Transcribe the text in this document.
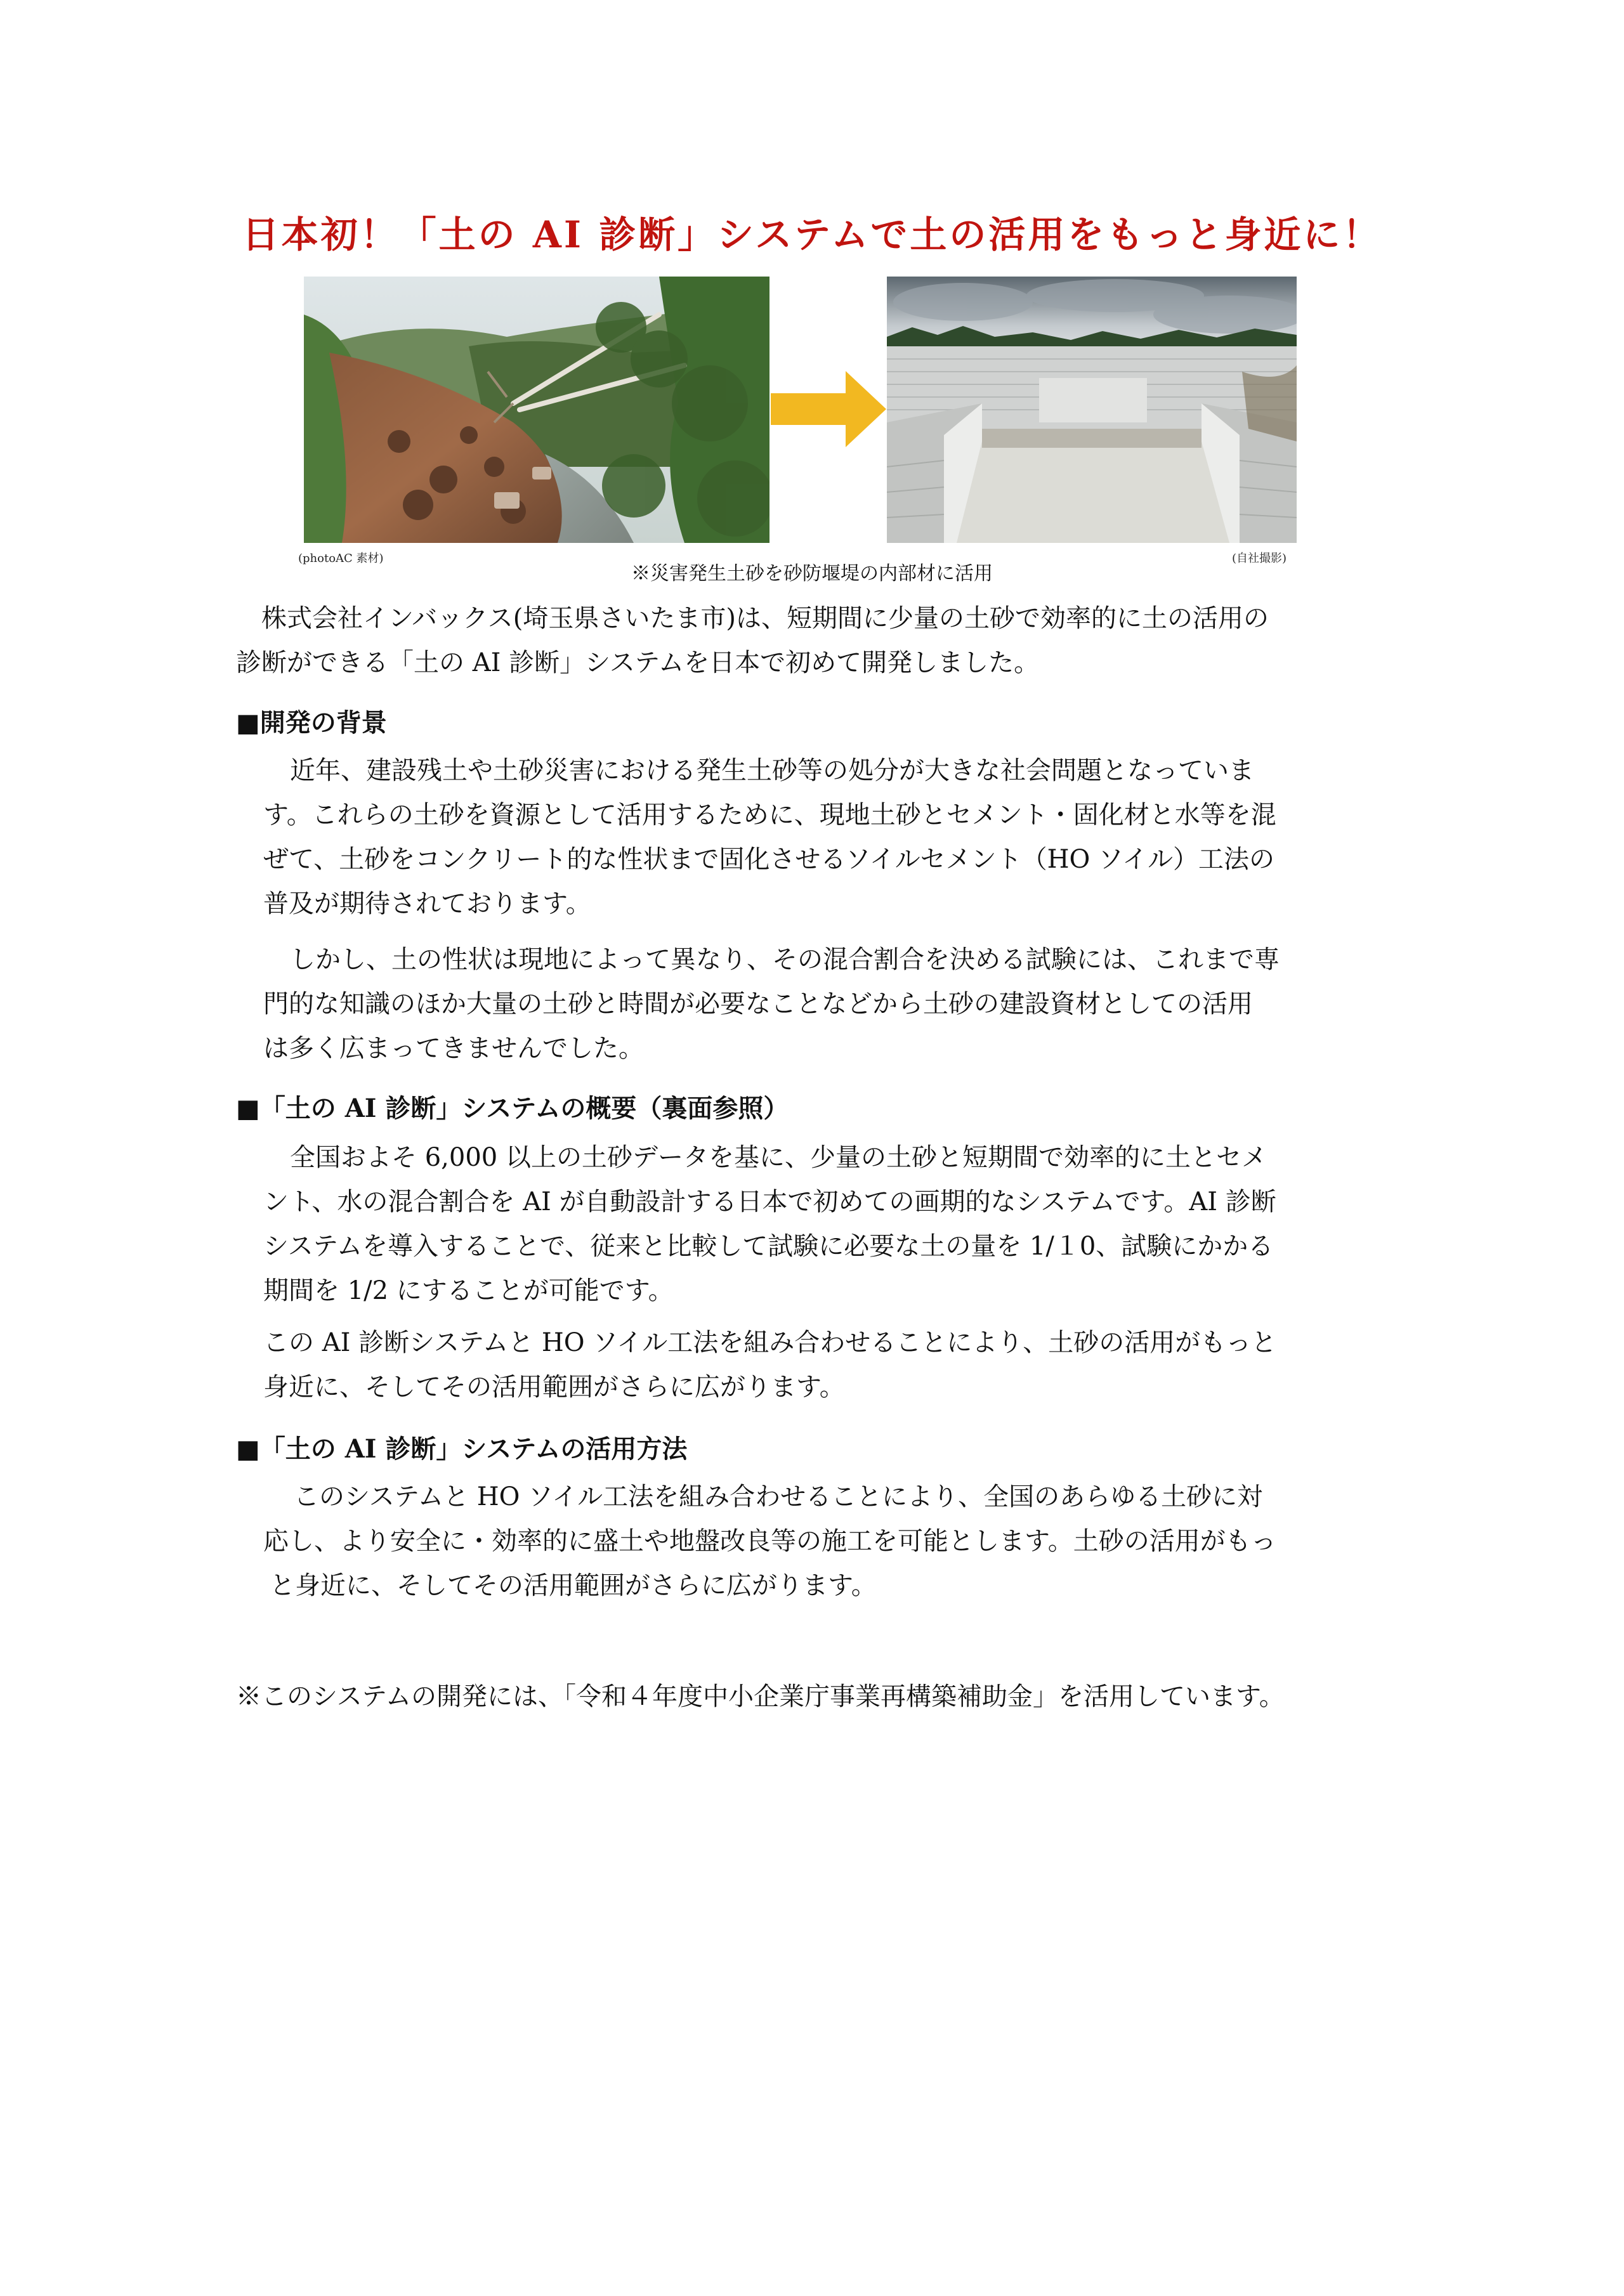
日本初！「土の AI 診断」システムで土の活用をもっと身近に！
(photoAC 素材)	(自社撮影)
※災害発生土砂を砂防堰堤の内部材に活用
株式会社インバックス(埼玉県さいたま市)は、短期間に少量の土砂で効率的に土の活用の
診断ができる「土の AI 診断」システムを日本で初めて開発しました。
■開発の背景
近年、建設残土や土砂災害における発生土砂等の処分が大きな社会問題となっていま
す。これらの土砂を資源として活用するために、現地土砂とセメント・固化材と水等を混
ぜて、土砂をコンクリート的な性状まで固化させるソイルセメント（HO ソイル）工法の
普及が期待されております。
しかし、土の性状は現地によって異なり、その混合割合を決める試験には、これまで専
門的な知識のほか大量の土砂と時間が必要なことなどから土砂の建設資材としての活用
は多く広まってきませんでした。
■「土の AI 診断」システムの概要（裏面参照）
全国およそ 6,000 以上の土砂データを基に、少量の土砂と短期間で効率的に土とセメ
ント、水の混合割合を AI が自動設計する日本で初めての画期的なシステムです。AI 診断
システムを導入することで、従来と比較して試験に必要な土の量を 1/１0、試験にかかる
期間を 1/2 にすることが可能です。
この AI 診断システムと HO ソイル工法を組み合わせることにより、土砂の活用がもっと
身近に、そしてその活用範囲がさらに広がります。
■「土の AI 診断」システムの活用方法
このシステムと HO ソイル工法を組み合わせることにより、全国のあらゆる土砂に対
応し、より安全に・効率的に盛土や地盤改良等の施工を可能とします。土砂の活用がもっ
と身近に、そしてその活用範囲がさらに広がります。
※このシステムの開発には、「令和４年度中小企業庁事業再構築補助金」を活用しています。
